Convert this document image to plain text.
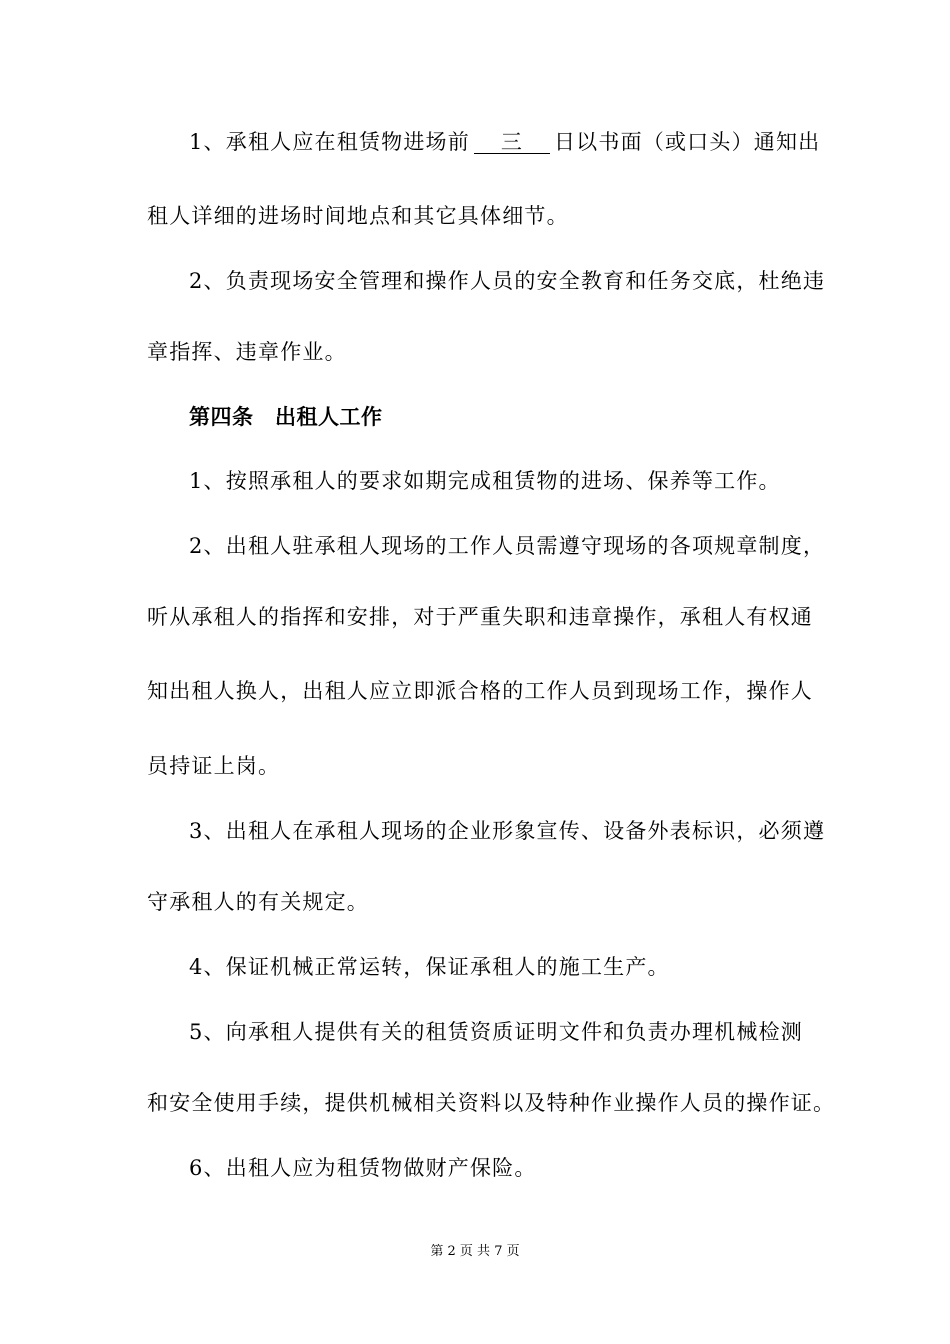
1、承租人应在租赁物进场前 三 日以书面（或口头）通知出
租人详细的进场时间地点和其它具体细节。
2、负责现场安全管理和操作人员的安全教育和任务交底，杜绝违
章指挥、违章作业。
第四条　出租人工作
1、按照承租人的要求如期完成租赁物的进场、保养等工作。
2、出租人驻承租人现场的工作人员需遵守现场的各项规章制度，
听从承租人的指挥和安排，对于严重失职和违章操作，承租人有权通
知出租人换人，出租人应立即派合格的工作人员到现场工作，操作人
员持证上岗。
3、出租人在承租人现场的企业形象宣传、设备外表标识，必须遵
守承租人的有关规定。
4、保证机械正常运转，保证承租人的施工生产。
5、向承租人提供有关的租赁资质证明文件和负责办理机械检测
和安全使用手续，提供机械相关资料以及特种作业操作人员的操作证。
6、出租人应为租赁物做财产保险。
第 2 页 共 7 页
